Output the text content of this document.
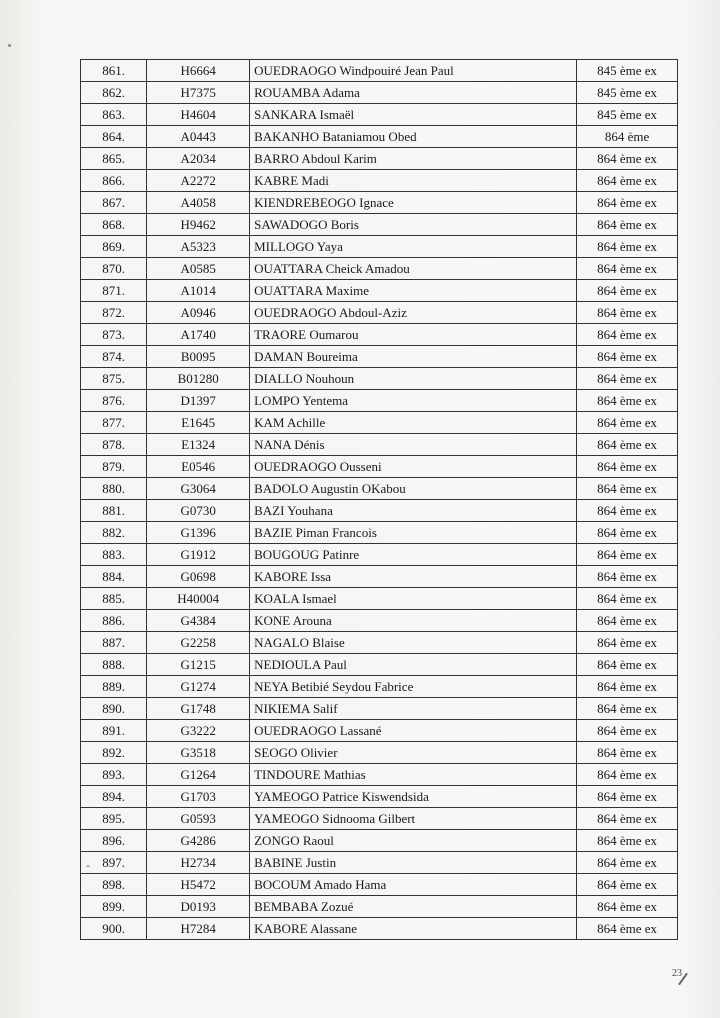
861.	H6664	OUEDRAOGO Windpouiré Jean Paul	845 ème ex
862.	H7375	ROUAMBA Adama	845 ème ex
863.	H4604	SANKARA Ismaël	845 ème ex
864.	A0443	BAKANHO Bataniamou Obed	864 ème
865.	A2034	BARRO Abdoul Karim	864 ème ex
866.	A2272	KABRE Madi	864 ème ex
867.	A4058	KIENDREBEOGO Ignace	864 ème ex
868.	H9462	SAWADOGO Boris	864 ème ex
869.	A5323	MILLOGO Yaya	864 ème ex
870.	A0585	OUATTARA Cheick Amadou	864 ème ex
871.	A1014	OUATTARA Maxime	864 ème ex
872.	A0946	OUEDRAOGO Abdoul-Aziz	864 ème ex
873.	A1740	TRAORE Oumarou	864 ème ex
874.	B0095	DAMAN Boureima	864 ème ex
875.	B01280	DIALLO Nouhoun	864 ème ex
876.	D1397	LOMPO Yentema	864 ème ex
877.	E1645	KAM Achille	864 ème ex
878.	E1324	NANA Dénis	864 ème ex
879.	E0546	OUEDRAOGO Ousseni	864 ème ex
880.	G3064	BADOLO Augustin OKabou	864 ème ex
881.	G0730	BAZI Youhana	864 ème ex
882.	G1396	BAZIE Piman Francois	864 ème ex
883.	G1912	BOUGOUG Patinre	864 ème ex
884.	G0698	KABORE Issa	864 ème ex
885.	H40004	KOALA Ismael	864 ème ex
886.	G4384	KONE Arouna	864 ème ex
887.	G2258	NAGALO Blaise	864 ème ex
888.	G1215	NEDIOULA Paul	864 ème ex
889.	G1274	NEYA Betibié Seydou Fabrice	864 ème ex
890.	G1748	NIKIEMA Salif	864 ème ex
891.	G3222	OUEDRAOGO Lassané	864 ème ex
892.	G3518	SEOGO Olivier	864 ème ex
893.	G1264	TINDOURE Mathias	864 ème ex
894.	G1703	YAMEOGO Patrice Kiswendsida	864 ème ex
895.	G0593	YAMEOGO Sidnooma Gilbert	864 ème ex
896.	G4286	ZONGO Raoul	864 ème ex
897.	H2734	BABINE Justin	864 ème ex
898.	H5472	BOCOUM Amado Hama	864 ème ex
899.	D0193	BEMBABA Zozué	864 ème ex
900.	H7284	KABORE Alassane	864 ème ex
-
23
